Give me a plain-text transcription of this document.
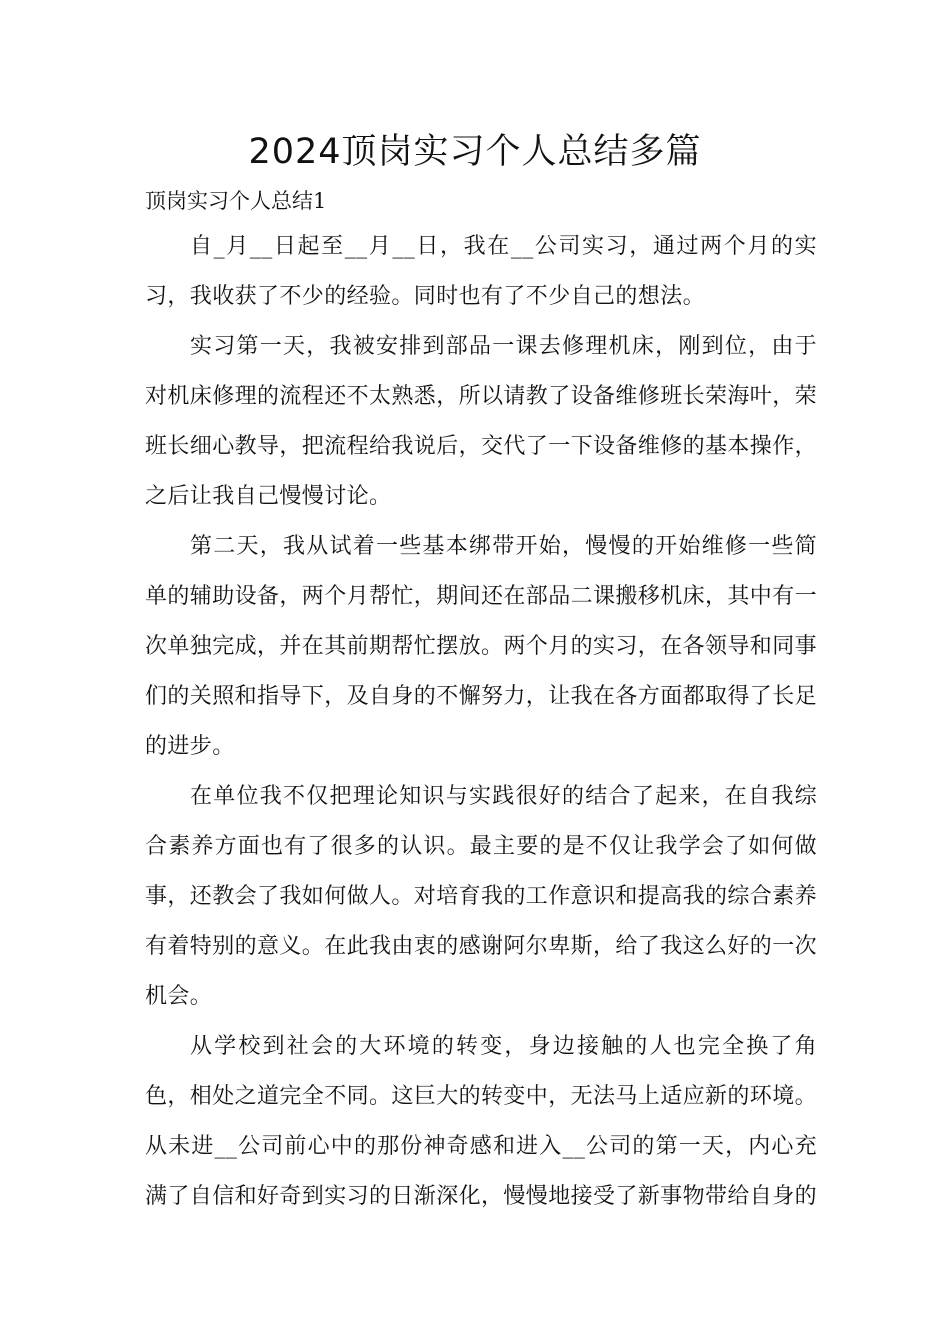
2024顶岗实习个人总结多篇

顶岗实习个人总结1

自_月__日起至__月__日，我在__公司实习，通过两个月的实习，我收获了不少的经验。同时也有了不少自己的想法。

实习第一天，我被安排到部品一课去修理机床，刚到位，由于对机床修理的流程还不太熟悉，所以请教了设备维修班长荣海叶，荣班长细心教导，把流程给我说后，交代了一下设备维修的基本操作，之后让我自己慢慢讨论。

第二天，我从试着一些基本绑带开始，慢慢的开始维修一些简单的辅助设备，两个月帮忙，期间还在部品二课搬移机床，其中有一次单独完成，并在其前期帮忙摆放。两个月的实习，在各领导和同事们的关照和指导下，及自身的不懈努力，让我在各方面都取得了长足的进步。

在单位我不仅把理论知识与实践很好的结合了起来，在自我综合素养方面也有了很多的认识。最主要的是不仅让我学会了如何做事，还教会了我如何做人。对培育我的工作意识和提高我的综合素养有着特别的意义。在此我由衷的感谢阿尔卑斯，给了我这么好的一次机会。

从学校到社会的大环境的转变，身边接触的人也完全换了角色，相处之道完全不同。这巨大的转变中，无法马上适应新的环境。从未进__公司前心中的那份神奇感和进入__公司的第一天，内心充满了自信和好奇到实习的日渐深化，慢慢地接受了新事物带给自身的
